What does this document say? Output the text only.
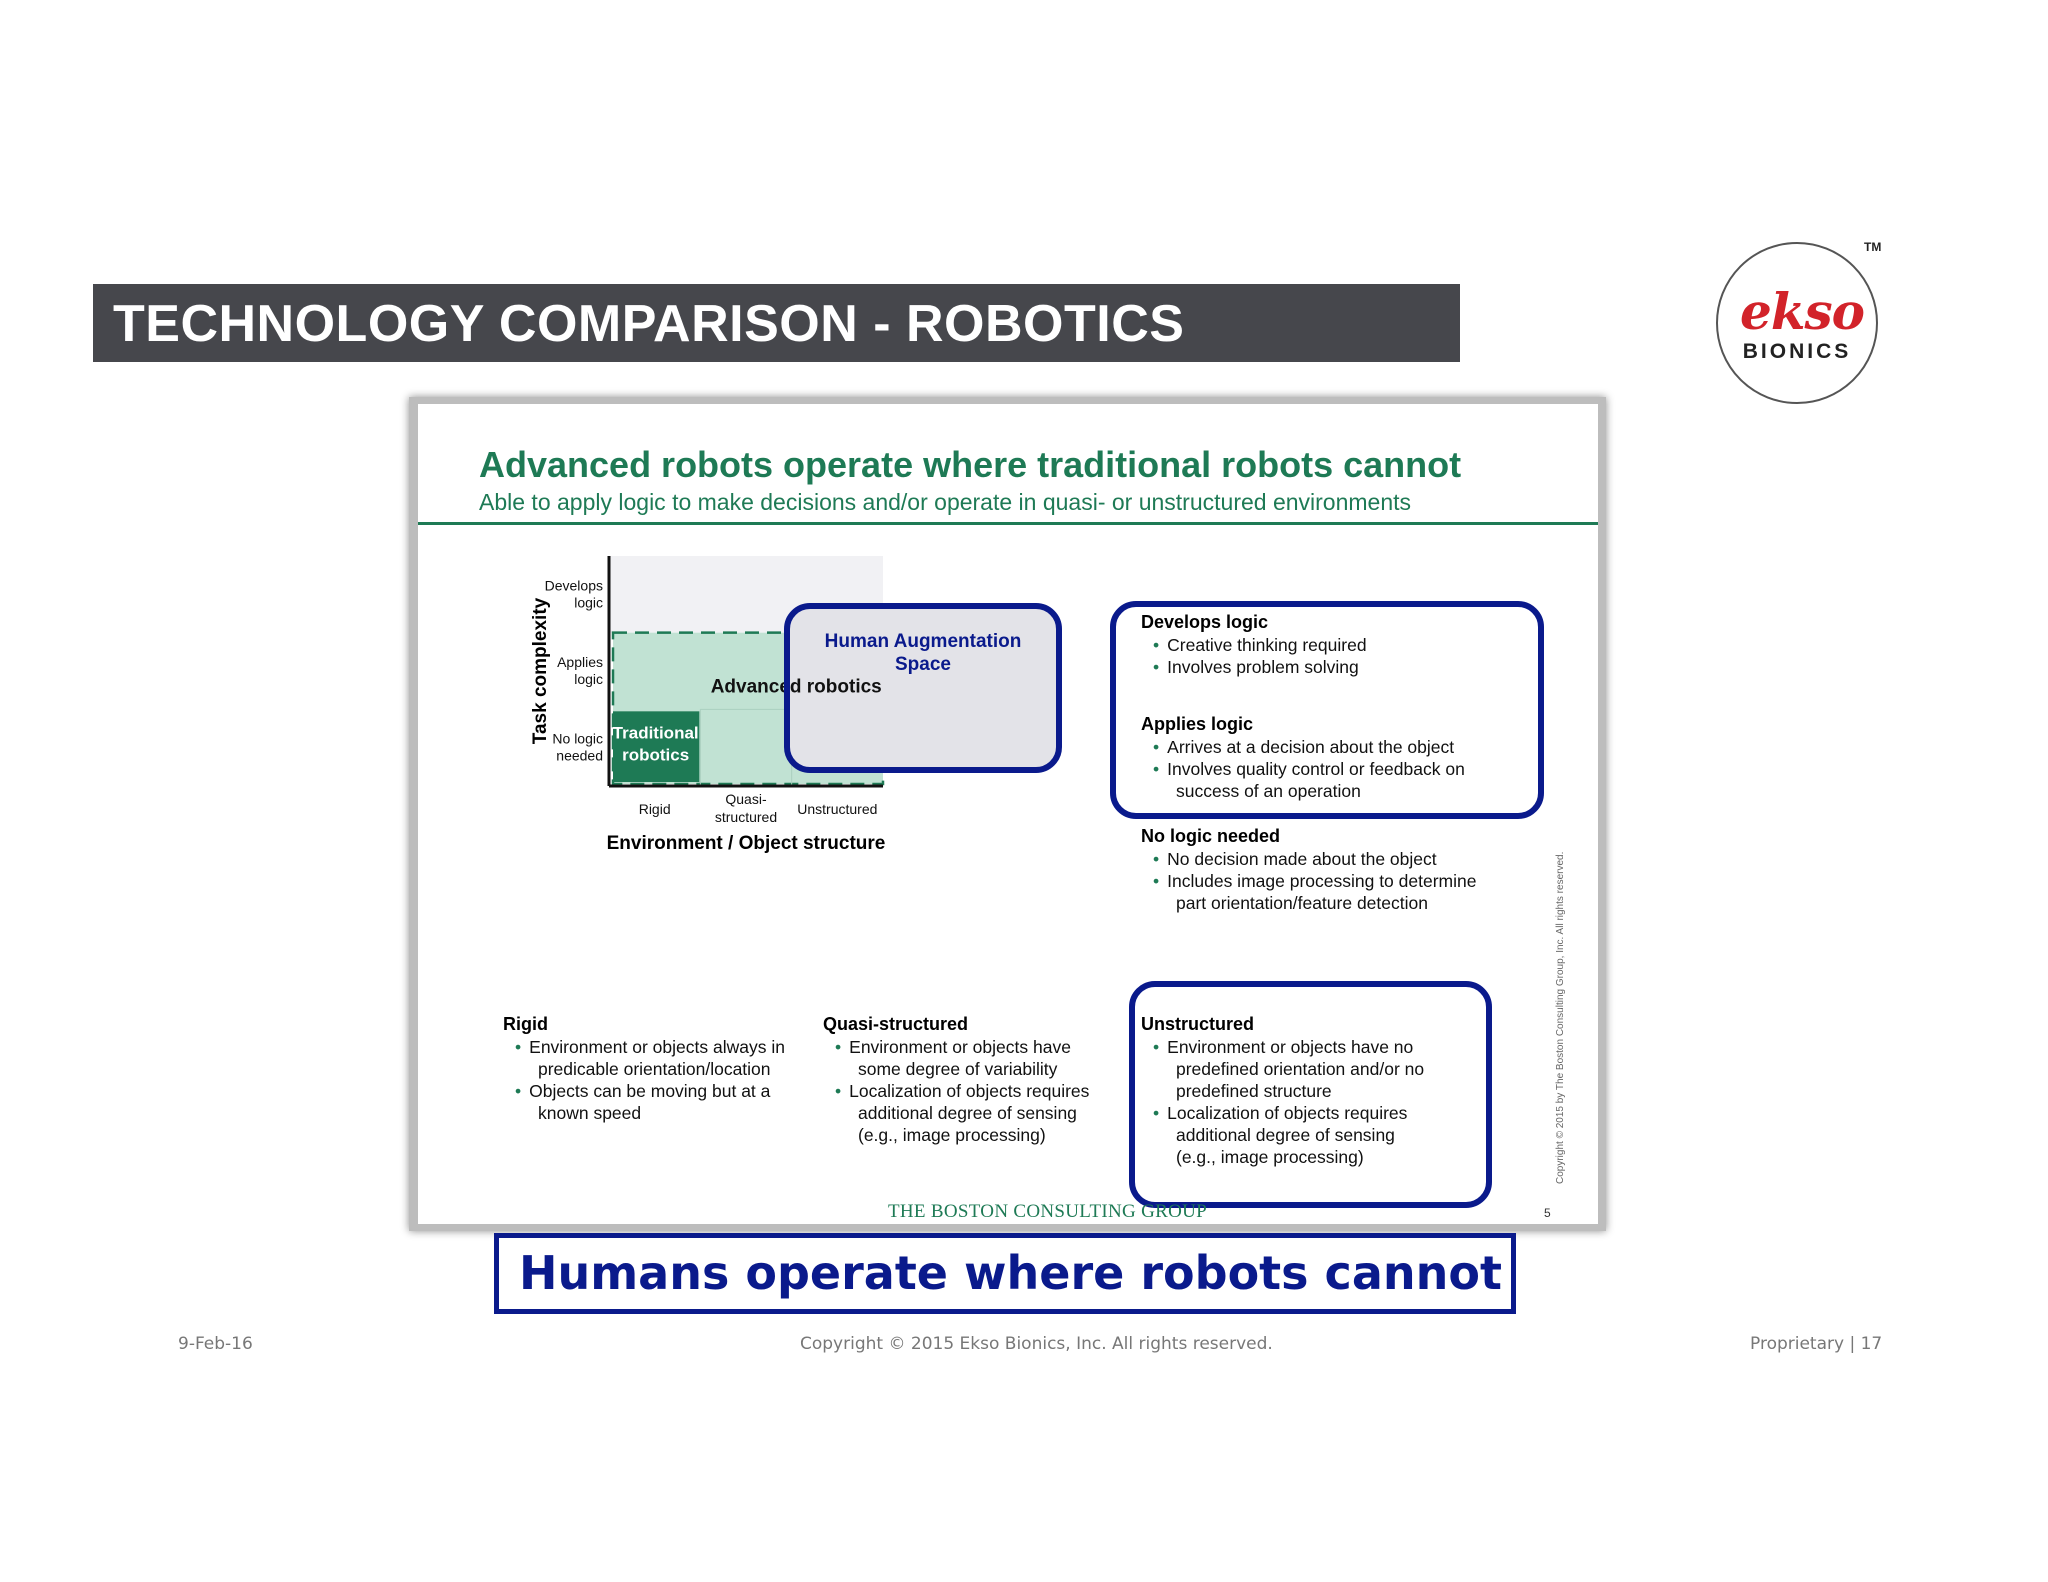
TECHNOLOGY COMPARISON - ROBOTICS
TM
ekso
BIONICS
Advanced robots operate where traditional robots cannot
Able to apply logic to make decisions and/or operate in quasi- or unstructured environments
Develops
logic
Applies
logic
No logic
needed
Rigid
Quasi-
structured Unstructured
Environment / Object structure
Task complexity	Advanced robotics
Traditional
robotics
Human Augmentation
Space
Develops logic
• Creative thinking required
• Involves problem solving
Applies logic
• Arrives at a decision about the object
• Involves quality control or feedback on
success of an operation
No logic needed
• No decision made about the object
• Includes image processing to determine
part orientation/feature detection
Rigid
• Environment or objects always in
predicable orientation/location
• Objects can be moving but at a
known speed
Quasi-structured
• Environment or objects have
some degree of variability
• Localization of objects requires
additional degree of sensing
(e.g., image processing)
Unstructured
• Environment or objects have no
predefined orientation and/or no
predefined structure
• Localization of objects requires
additional degree of sensing
(e.g., image processing)	Copyright © 2015 by The Boston Consulting Group, Inc. All rights reserved.
THE BOSTON CONSULTING GROUP	5
Humans operate where robots cannot
9-Feb-16	Copyright © 2015 Ekso Bionics, Inc. All rights reserved.	Proprietary | 17
